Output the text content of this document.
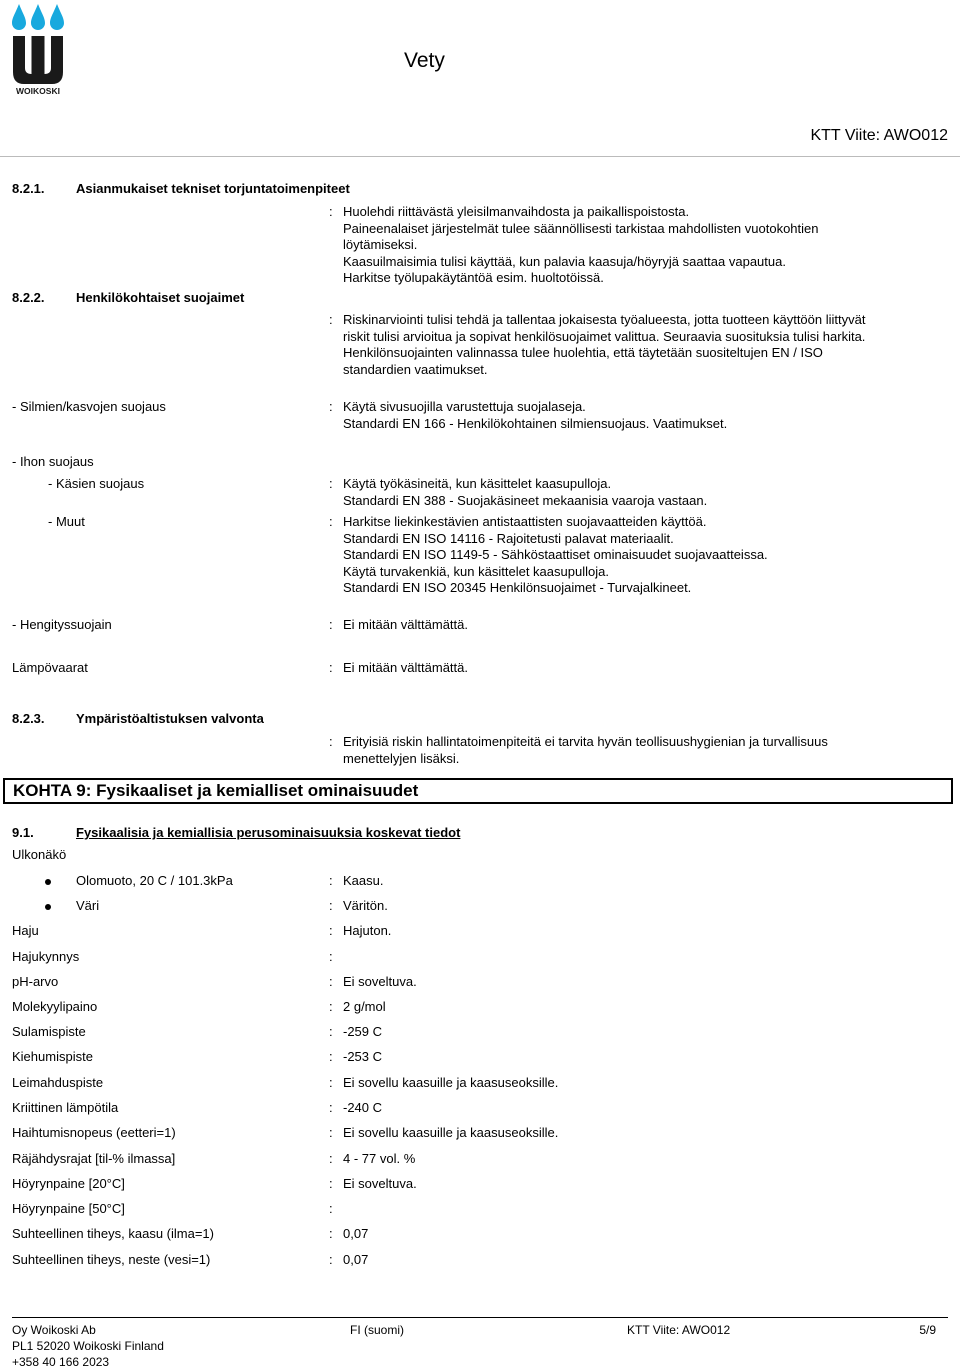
WOIKOSKI
Vety
KTT Viite: AWO012
8.2.1. Asianmukaiset tekniset torjuntatoimenpiteet
: Huolehdi riittävästä yleisilmanvaihdosta ja paikallispoistosta.
Paineenalaiset järjestelmät tulee säännöllisesti tarkistaa mahdollisten vuotokohtien
löytämiseksi.
Kaasuilmaisimia tulisi käyttää, kun palavia kaasuja/höyryjä saattaa vapautua.
Harkitse työlupakäytäntöä esim. huoltotöissä.
8.2.2. Henkilökohtaiset suojaimet
: Riskinarviointi tulisi tehdä ja tallentaa jokaisesta työalueesta, jotta tuotteen käyttöön liittyvät
riskit tulisi arvioitua ja sopivat henkilösuojaimet valittua. Seuraavia suosituksia tulisi harkita.
Henkilönsuojainten valinnassa tulee huolehtia, että täytetään suositeltujen EN / ISO
standardien vaatimukset.
- Silmien/kasvojen suojaus	: Käytä sivusuojilla varustettuja suojalaseja.
Standardi EN 166 - Henkilökohtainen silmiensuojaus. Vaatimukset.
- Ihon suojaus
- Käsien suojaus	: Käytä työkäsineitä, kun käsittelet kaasupulloja.
Standardi EN 388 - Suojakäsineet mekaanisia vaaroja vastaan.
- Muut	: Harkitse liekinkestävien antistaattisten suojavaatteiden käyttöä.
Standardi EN ISO 14116 - Rajoitetusti palavat materiaalit.
Standardi EN ISO 1149-5 - Sähköstaattiset ominaisuudet suojavaatteissa.
Käytä turvakenkiä, kun käsittelet kaasupulloja.
Standardi EN ISO 20345 Henkilönsuojaimet - Turvajalkineet.
- Hengityssuojain	: Ei mitään välttämättä.
Lämpövaarat	: Ei mitään välttämättä.
8.2.3. Ympäristöaltistuksen valvonta
: Erityisiä riskin hallintatoimenpiteitä ei tarvita hyvän teollisuushygienian ja turvallisuus
menettelyjen lisäksi.
KOHTA 9: Fysikaaliset ja kemialliset ominaisuudet
9.1.	Fysikaalisia ja kemiallisia perusominaisuuksia koskevat tiedot
Ulkonäkö
Olomuoto, 20 C / 101.3kPa	: Kaasu.
Väri	: Väritön.
Haju	: Hajuton.
Hajukynnys	:
pH-arvo	: Ei soveltuva.
Molekyylipaino	: 2 g/mol
Sulamispiste	: -259 C
Kiehumispiste	: -253 C
Leimahduspiste	: Ei sovellu kaasuille ja kaasuseoksille.
Kriittinen lämpötila	: -240 C
Haihtumisnopeus (eetteri=1)	: Ei sovellu kaasuille ja kaasuseoksille.
Räjähdysrajat [til-% ilmassa]	: 4 - 77 vol. %
Höyrynpaine [20°C]	: Ei soveltuva.
Höyrynpaine [50°C]	:
Suhteellinen tiheys, kaasu (ilma=1)	: 0,07
Suhteellinen tiheys, neste (vesi=1)	: 0,07
Oy Woikoski Ab
PL1 52020 Woikoski Finland
+358 40 166 2023
FI (suomi)	KTT Viite: AWO012	5/9
